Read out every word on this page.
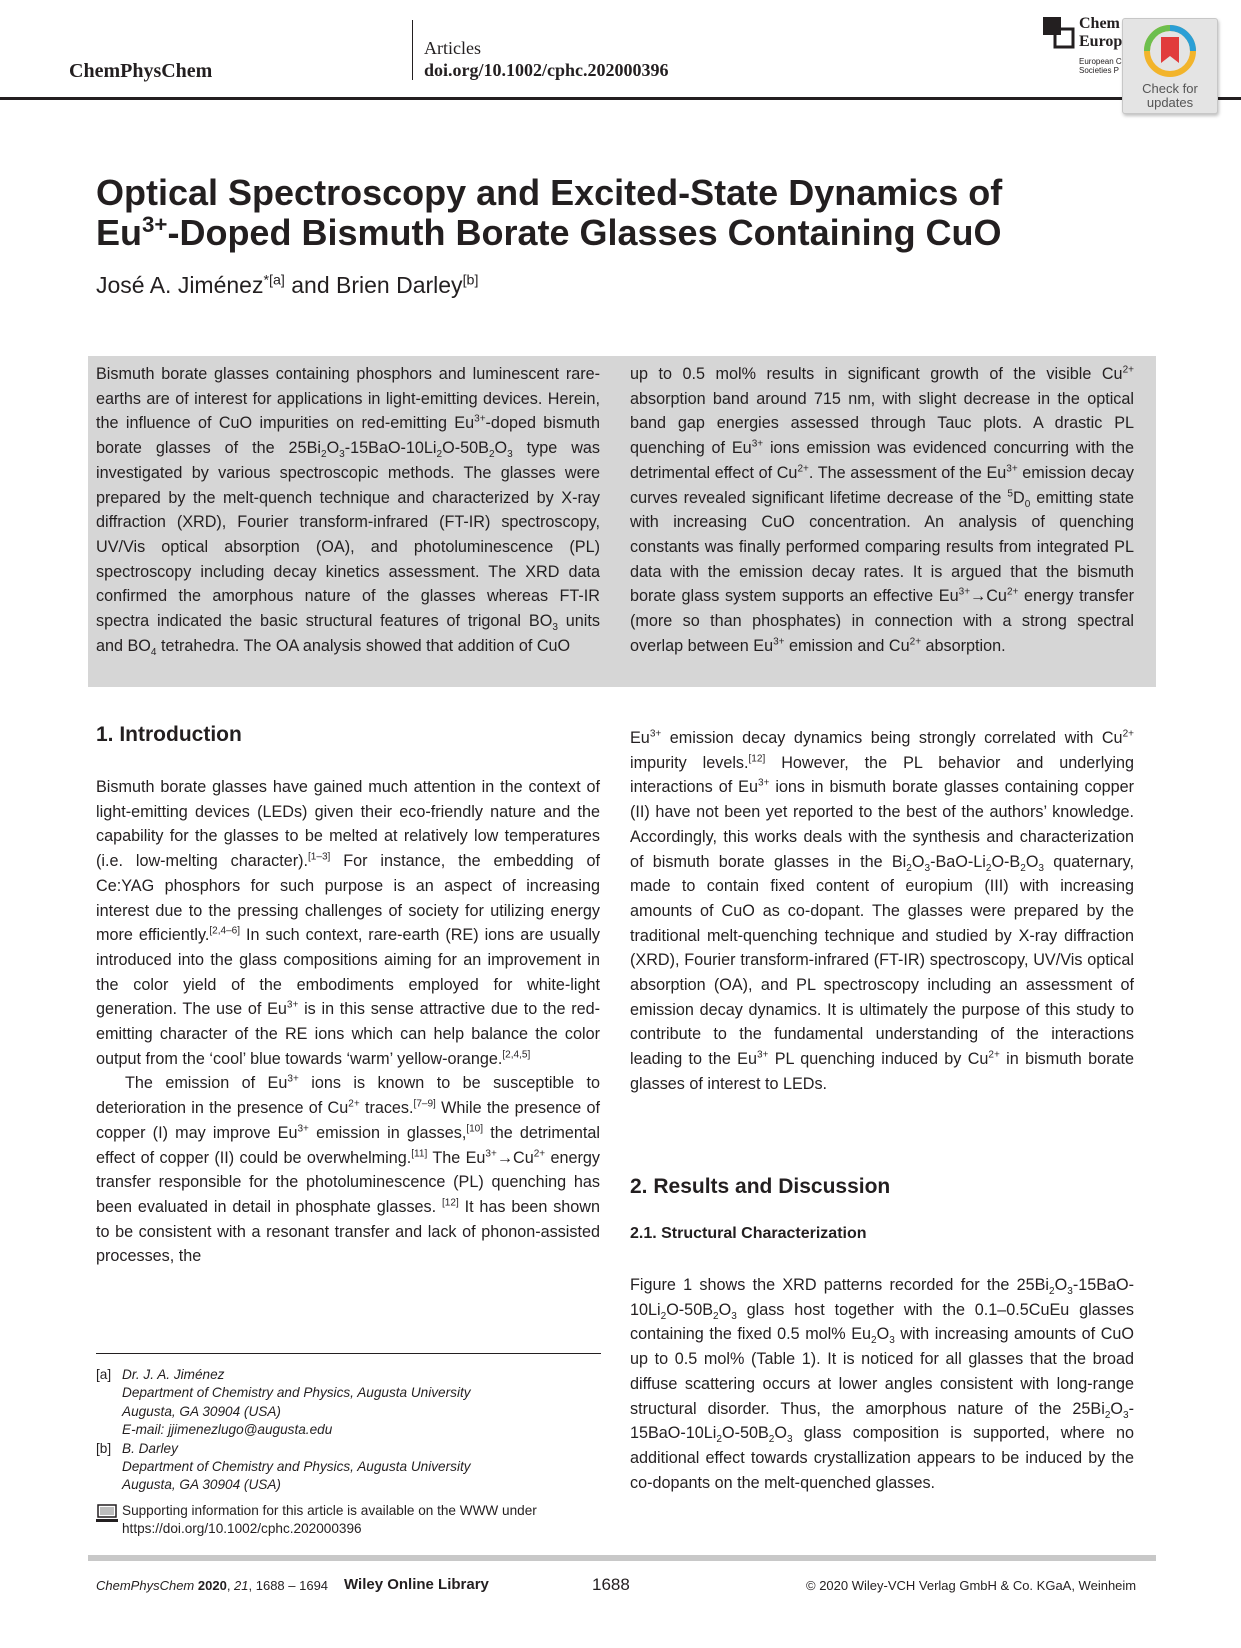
ChemPhysChem
Articles
doi.org/10.1002/cphc.202000396
Chem
Europ
European C
Societies P
Check for
updates
Optical Spectroscopy and Excited-State Dynamics of
$Eu^{3+}$-Doped Bismuth Borate Glasses Containing CuO
José A. Jiménez$^{*[a]}$ and Brien Darley[b]
Bismuth borate glasses containing phosphors and luminescent rare-earths are of interest for applications in light-emitting devices. Herein, the influence of CuO impurities on red-emitting $Eu^{3+}$-doped bismuth borate glasses of the $25Bi_2O_3-15BaO-10Li_2O-50B_2O_3$ type was investigated by various spectroscopic methods. The glasses were prepared by the melt-quench technique and characterized by X-ray diffraction (XRD), Fourier transform-infrared (FT-IR) spectroscopy, UV/Vis optical absorption (OA), and photoluminescence (PL) spectroscopy including decay kinetics assessment. The XRD data confirmed the amorphous nature of the glasses whereas FT-IR spectra indicated the basic structural features of trigonal $BO_3$ units and $BO_4$ tetrahedra. The OA analysis showed that addition of CuO
up to 0.5 mol% results in significant growth of the visible $Cu^{2+}$ absorption band around 715 nm, with slight decrease in the optical band gap energies assessed through Tauc plots. A drastic PL quenching of $Eu^{3+}$ ions emission was evidenced concurring with the detrimental effect of $Cu^{2+}$. The assessment of the $Eu^{3+}$ emission decay curves revealed significant lifetime decrease of the $^5D_0$ emitting state with increasing CuO concentration. An analysis of quenching constants was finally performed comparing results from integrated PL data with the emission decay rates. It is argued that the bismuth borate glass system supports an effective $Eu^{3+}\to Cu^{2+}$ energy transfer (more so than phosphates) in connection with a strong spectral overlap between $Eu^{3+}$ emission and $Cu^{2+}$ absorption.
1. Introduction

Bismuth borate glasses have gained much attention in the context of light-emitting devices (LEDs) given their eco-friendly nature and the capability for the glasses to be melted at relatively low temperatures (i.e. low-melting character).[1–3] For instance, the embedding of Ce:YAG phosphors for such purpose is an aspect of increasing interest due to the pressing challenges of society for utilizing energy more efficiently.[2,4–6] In such context, rare-earth (RE) ions are usually introduced into the glass compositions aiming for an improvement in the color yield of the embodiments employed for white-light generation. The use of $Eu^{3+}$ is in this sense attractive due to the red-emitting character of the RE ions which can help balance the color output from the ‘cool’ blue towards ‘warm’ yellow-orange.[2,4,5]

The emission of $Eu^{3+}$ ions is known to be susceptible to deterioration in the presence of $Cu^{2+}$ traces.[7–9] While the presence of copper (I) may improve $Eu^{3+}$ emission in glasses,[10] the detrimental effect of copper (II) could be overwhelming.[11] The $Eu^{3+}\to Cu^{2+}$ energy transfer responsible for the photoluminescence (PL) quenching has been evaluated in detail in phosphate glasses. [12] It has been shown to be consistent with a resonant transfer and lack of phonon-assisted processes, the

[a] Dr. J. A. Jiménez
Department of Chemistry and Physics, Augusta University
Augusta, GA 30904 (USA)
E-mail: jjimenezlugo@augusta.edu
[b] B. Darley
Department of Chemistry and Physics, Augusta University
Augusta, GA 30904 (USA)
Supporting information for this article is available on the WWW under
https://doi.org/10.1002/cphc.202000396

$Eu^{3+}$ emission decay dynamics being strongly correlated with $Cu^{2+}$ impurity levels.[12] However, the PL behavior and underlying interactions of $Eu^{3+}$ ions in bismuth borate glasses containing copper (II) have not been yet reported to the best of the authors’ knowledge. Accordingly, this works deals with the synthesis and characterization of bismuth borate glasses in the $Bi_2O_3-BaO-Li_2O-B_2O_3$ quaternary, made to contain fixed content of europium (III) with increasing amounts of CuO as co-dopant. The glasses were prepared by the traditional melt-quenching technique and studied by X-ray diffraction (XRD), Fourier transform-infrared (FT-IR) spectroscopy, UV/Vis optical absorption (OA), and PL spectroscopy including an assessment of emission decay dynamics. It is ultimately the purpose of this study to contribute to the fundamental understanding of the interactions leading to the $Eu^{3+}$ PL quenching induced by $Cu^{2+}$ in bismuth borate glasses of interest to LEDs.

2. Results and Discussion
2.1. Structural Characterization

Figure 1 shows the XRD patterns recorded for the $25Bi_2O_3-15BaO-10Li_2O-50B_2O_3$ glass host together with the 0.1–0.5CuEu glasses containing the fixed 0.5 mol% $Eu_2O_3$ with increasing amounts of CuO up to 0.5 mol% (Table 1). It is noticed for all glasses that the broad diffuse scattering occurs at lower angles consistent with long-range structural disorder. Thus, the amorphous nature of the $25Bi_2O_3-15BaO-10Li_2O-50B_2O_3$ glass composition is supported, where no additional effect towards crystallization appears to be induced by the co-dopants on the melt-quenched glasses.

ChemPhysChem 2020, 21, 1688 – 1694 Wiley Online Library	1688	© 2020 Wiley-VCH Verlag GmbH & Co. KGaA, Weinheim
